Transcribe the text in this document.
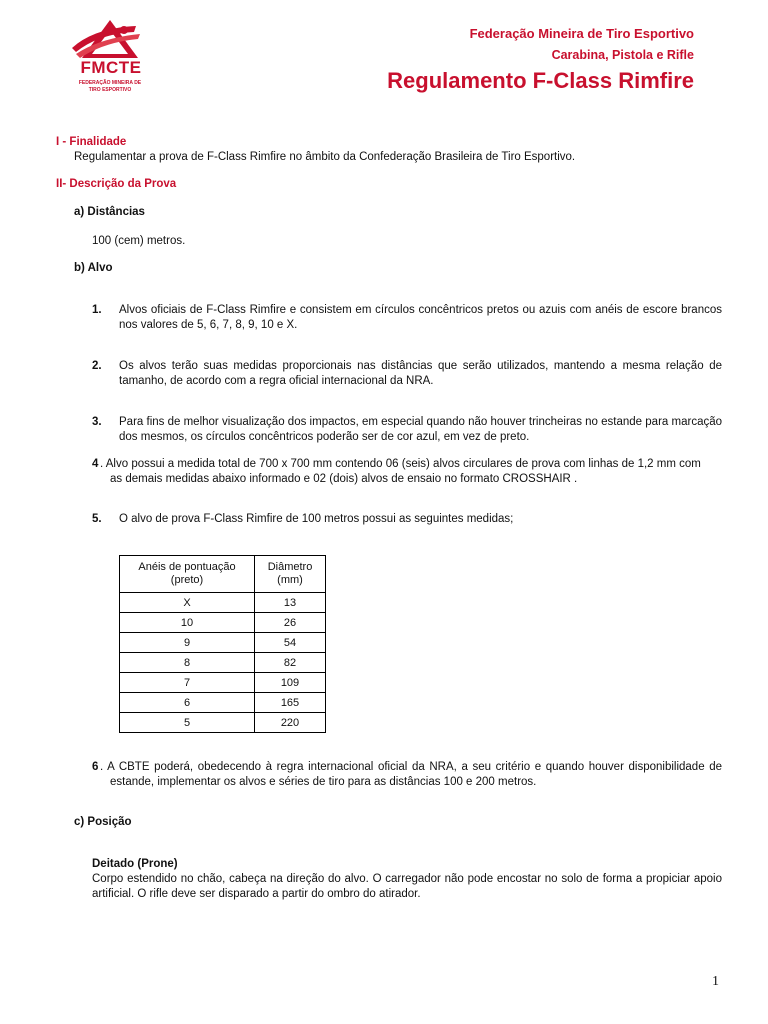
FMCTE
FEDERAÇÃO MINEIRA DE
TIRO ESPORTIVO
Federação Mineira de Tiro Esportivo
Carabina, Pistola e Rifle
Regulamento F-Class Rimfire
I - Finalidade
Regulamentar a prova de F-Class Rimfire no âmbito da Confederação Brasileira de Tiro Esportivo.
II- Descrição da Prova
a) Distâncias
100 (cem) metros.
b) Alvo
1. Alvos oficiais de F-Class Rimfire e consistem em círculos concêntricos pretos ou azuis com anéis de escore brancos nos valores de 5, 6, 7, 8, 9, 10 e X.
2. Os alvos terão suas medidas proporcionais nas distâncias que serão utilizados, mantendo a mesma relação de tamanho, de acordo com a regra oficial internacional da NRA.
3. Para fins de melhor visualização dos impactos, em especial quando não houver trincheiras no estande para marcação dos mesmos, os círculos concêntricos poderão ser de cor azul, em vez de preto.
4 . Alvo possui a medida total de 700 x 700 mm contendo 06 (seis) alvos circulares de prova com linhas de 1,2 mm com as demais medidas abaixo informado e 02 (dois) alvos de ensaio no formato CROSSHAIR .
5. O alvo de prova F-Class Rimfire de 100 metros possui as seguintes medidas;
Anéis de pontuação (preto)	Diâmetro (mm)
X	13
10	26
9	54
8	82
7	109
6	165
5	220
6 . A CBTE poderá, obedecendo à regra internacional oficial da NRA, a seu critério e quando houver disponibilidade de estande, implementar os alvos e séries de tiro para as distâncias 100 e 200 metros.
c) Posição
Deitado (Prone)
Corpo estendido no chão, cabeça na direção do alvo. O carregador não pode encostar no solo de forma a propiciar apoio artificial. O rifle deve ser disparado a partir do ombro do atirador.
1
